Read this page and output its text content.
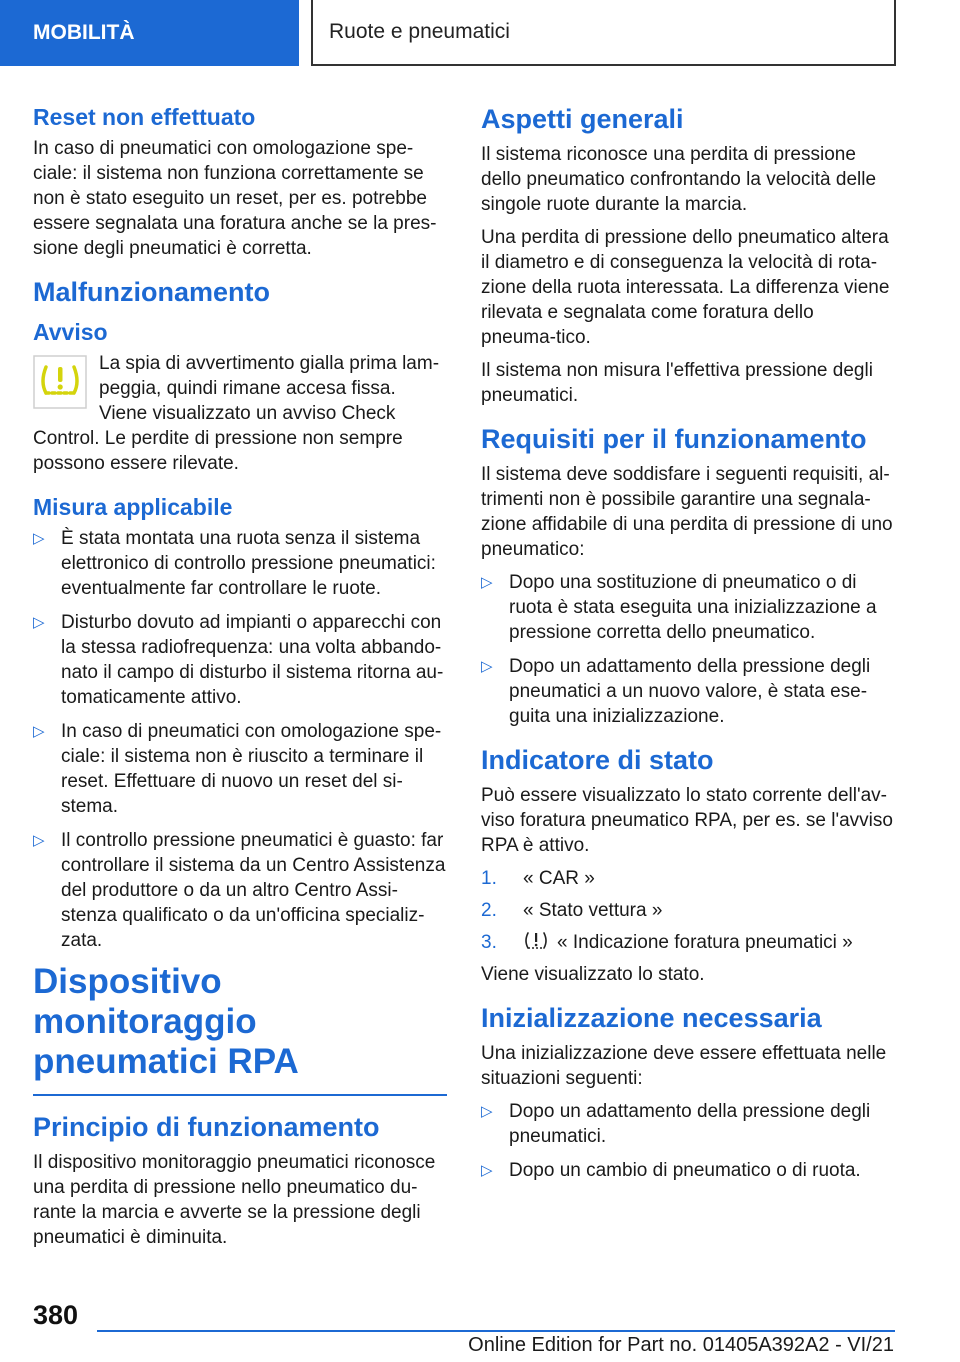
MOBILITÀ	Ruote e pneumatici
Reset non effettuato

In caso di pneumatici con omologazione spe-ciale: il sistema non funziona correttamente se non è stato eseguito un reset, per es. potrebbe essere segnalata una foratura anche se la pres-sione degli pneumatici è corretta.

Malfunzionamento
Avviso

La spia di avvertimento gialla prima lam-peggia, quindi rimane accesa fissa. Viene visualizzato un avviso Check Control. Le perdite di pressione non sempre possono essere rilevate.

Misura applicabile
▷ È stata montata una ruota senza il sistema elettronico di controllo pressione pneumatici: eventualmente far controllare le ruote.
▷ Disturbo dovuto ad impianti o apparecchi con la stessa radiofrequenza: una volta abbando-nato il campo di disturbo il sistema ritorna au-tomaticamente attivo.
▷ In caso di pneumatici con omologazione spe-ciale: il sistema non è riuscito a terminare il reset. Effettuare di nuovo un reset del si-stema.
▷ Il controllo pressione pneumatici è guasto: far controllare il sistema da un Centro Assistenza del produttore o da un altro Centro Assi-stenza qualificato o da un'officina specializ-zata.
Dispositivo monitoraggio pneumatici RPA
Principio di funzionamento

Il dispositivo monitoraggio pneumatici riconosce una perdita di pressione nello pneumatico du-rante la marcia e avverte se la pressione degli pneumatici è diminuita.

Aspetti generali

Il sistema riconosce una perdita di pressione dello pneumatico confrontando la velocità delle singole ruote durante la marcia.

Una perdita di pressione dello pneumatico altera il diametro e di conseguenza la velocità di rota-zione della ruota interessata. La differenza viene rilevata e segnalata come foratura dello pneuma-tico.

Il sistema non misura l'effettiva pressione degli pneumatici.

Requisiti per il funzionamento

Il sistema deve soddisfare i seguenti requisiti, al-trimenti non è possibile garantire una segnala-zione affidabile di una perdita di pressione di uno pneumatico:

▷ Dopo una sostituzione di pneumatico o di ruota è stata eseguita una inizializzazione a pressione corretta dello pneumatico.
▷ Dopo un adattamento della pressione degli pneumatici a un nuovo valore, è stata ese-guita una inizializzazione.
Indicatore di stato

Può essere visualizzato lo stato corrente dell'av-viso foratura pneumatico RPA, per es. se l'avviso RPA è attivo.

1. « CAR »
2. « Stato vettura »
3.	« Indicazione foratura pneumatici »

Viene visualizzato lo stato.

Inizializzazione necessaria

Una inizializzazione deve essere effettuata nelle situazioni seguenti:

▷ Dopo un adattamento della pressione degli pneumatici.
▷ Dopo un cambio di pneumatico o di ruota.
380
Online Edition for Part no. 01405A392A2 - VI/21
